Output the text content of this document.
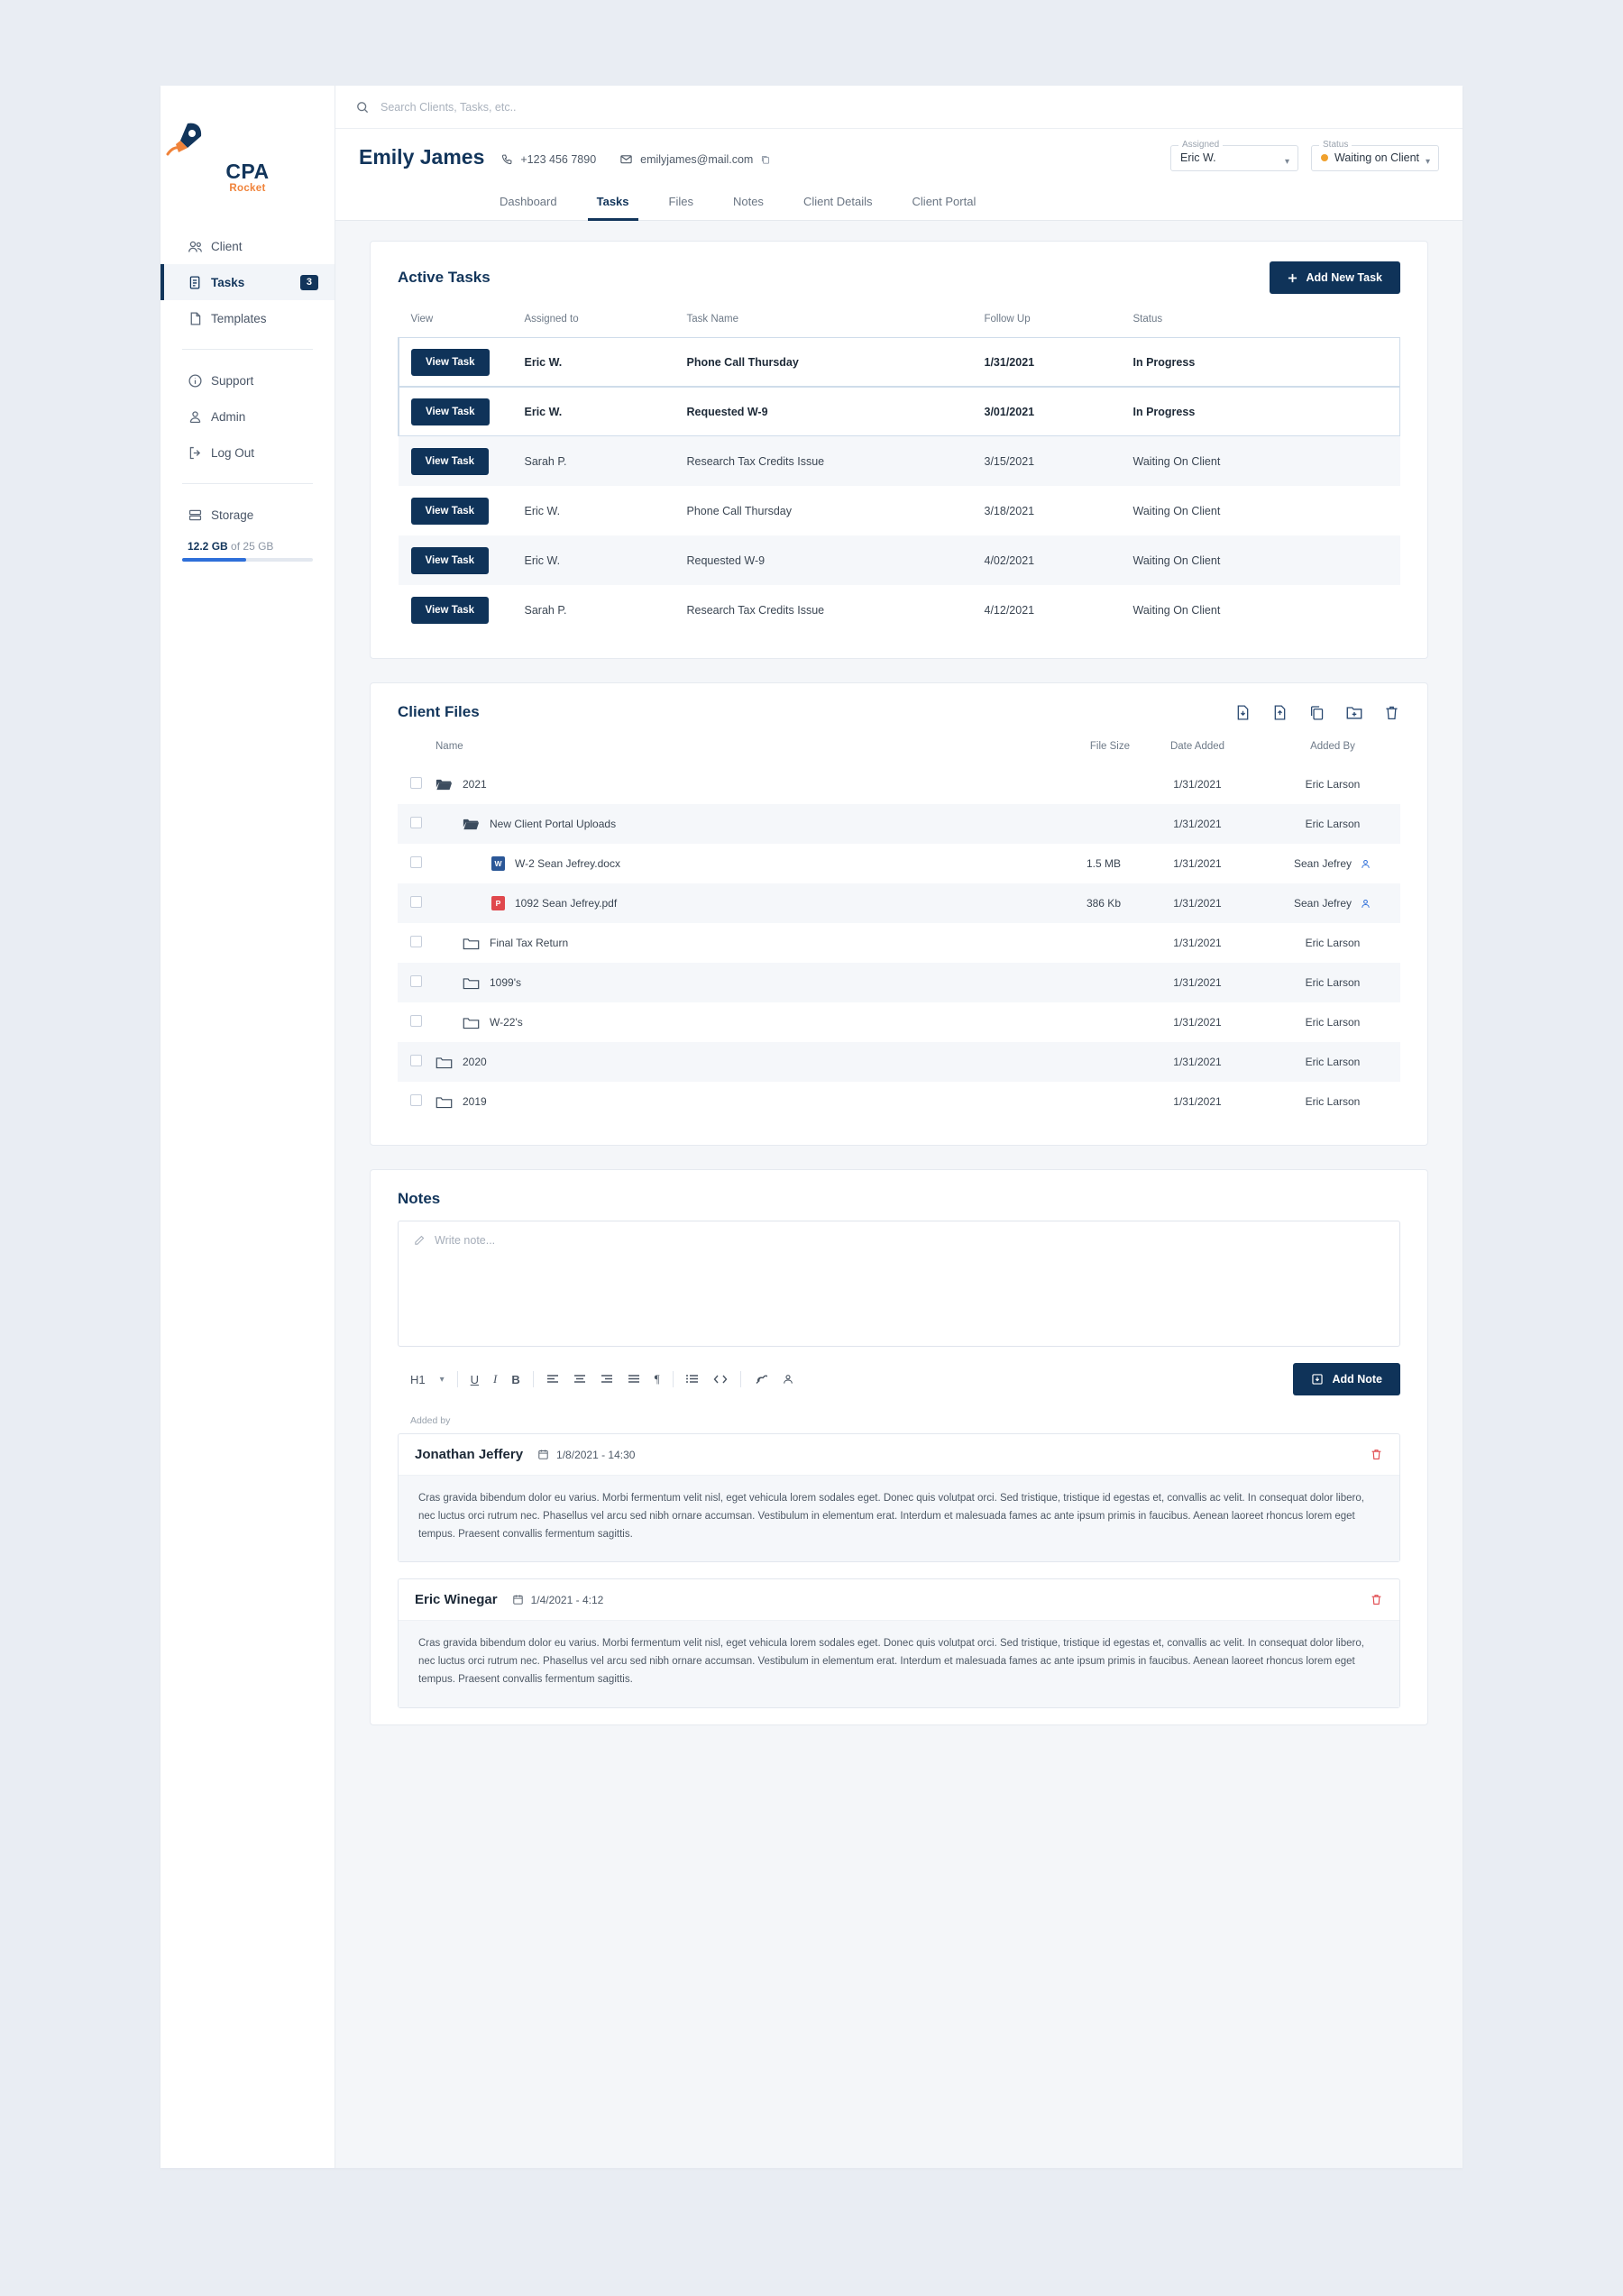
CPA
Rocket
Client
Tasks	3
Templates
Support
Admin
Log Out
Storage
12.2 GB of 25 GB
Search Clients, Tasks, etc..
Emily James	+123 456 7890	emilyjames@mail.com
Assigned
Eric W.	▾
Status
Waiting on Client ▾
Dashboard	Tasks	Files	Notes	Client Details	Client Portal
Active Tasks	Add New Task
View	Assigned to	Task Name	Follow Up	Status
View Task	Eric W.	Phone Call Thursday	1/31/2021	In Progress
View Task	Eric W.	Requested W-9	3/01/2021	In Progress
View Task	Sarah P.	Research Tax Credits Issue	3/15/2021	Waiting On Client
View Task	Eric W.	Phone Call Thursday	3/18/2021	Waiting On Client
View Task	Eric W.	Requested W-9	4/02/2021	Waiting On Client
View Task	Sarah P.	Research Tax Credits Issue	4/12/2021	Waiting On Client
Client Files
	Name	File Size	Date Added	Added By

	2021		1/31/2021	Eric Larson

	New Client Portal Uploads		1/31/2021	Eric Larson

	W W-2 Sean Jefrey.docx	1.5 MB	1/31/2021	Sean Jefrey

	P 1092 Sean Jefrey.pdf	386 Kb	1/31/2021	Sean Jefrey

	Final Tax Return		1/31/2021	Eric Larson

	1099's		1/31/2021	Eric Larson

	W-22's		1/31/2021	Eric Larson

	2020		1/31/2021	Eric Larson

	2019		1/31/2021	Eric Larson
Notes
Write note...
H1 ▾ U I B	¶	Add Note
Added by
Jonathan Jeffery	1/8/2021 - 14:30
Cras gravida bibendum dolor eu varius. Morbi fermentum velit nisl, eget vehicula lorem sodales eget. Donec quis volutpat orci. Sed tristique, tristique id egestas et, convallis ac velit. In consequat dolor libero, nec luctus orci rutrum nec. Phasellus vel arcu sed nibh ornare accumsan. Vestibulum in elementum erat. Interdum et malesuada fames ac ante ipsum primis in faucibus. Aenean laoreet rhoncus lorem eget tempus. Praesent convallis fermentum sagittis.
Eric Winegar	1/4/2021 - 4:12
Cras gravida bibendum dolor eu varius. Morbi fermentum velit nisl, eget vehicula lorem sodales eget. Donec quis volutpat orci. Sed tristique, tristique id egestas et, convallis ac velit. In consequat dolor libero, nec luctus orci rutrum nec. Phasellus vel arcu sed nibh ornare accumsan. Vestibulum in elementum erat. Interdum et malesuada fames ac ante ipsum primis in faucibus. Aenean laoreet rhoncus lorem eget tempus. Praesent convallis fermentum sagittis.
